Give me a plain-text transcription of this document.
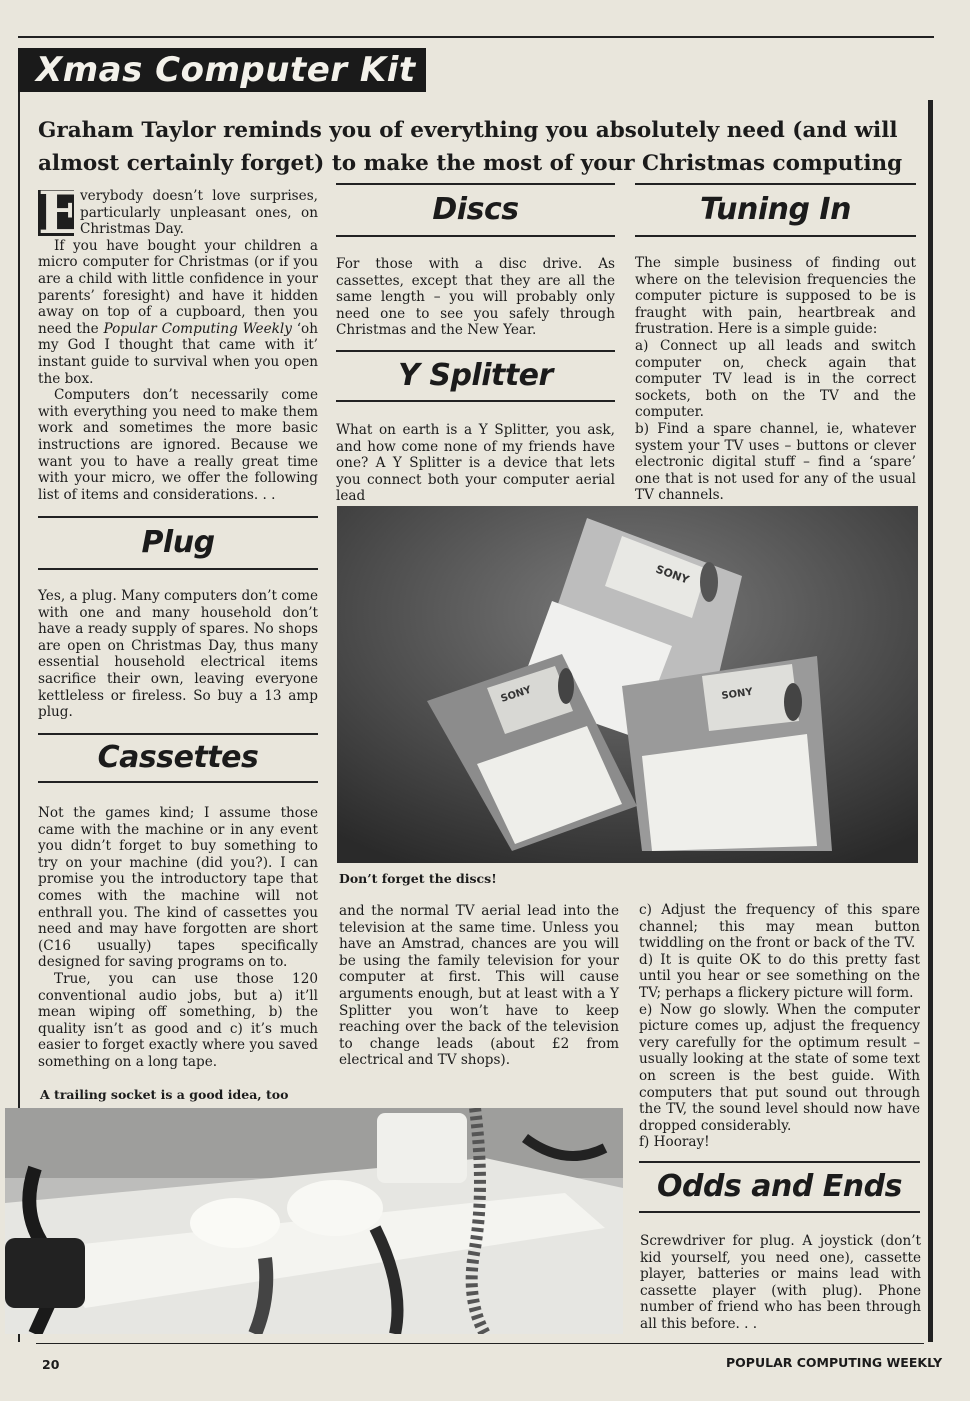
Xmas Computer Kit
Graham Taylor reminds you of everything you absolutely need (and will almost certainly forget) to make the most of your Christmas computing

E
verybody doesn’t love surprises, particularly unpleasant ones, on Christmas Day.

If you have bought your children a micro computer for Christmas (or if you are a child with little confidence in your parents’ foresight) and have it hidden away on top of a cupboard, then you need the Popular Computing Weekly ‘oh my God I thought that came with it’ instant guide to survival when you open the box.

Computers don’t necessarily come with everything you need to make them work and sometimes the more basic instructions are ignored. Because we want you to have a really great time with your micro, we offer the following list of items and considerations. . .

Plug
Yes, a plug. Many computers don’t come with one and many household don’t have a ready supply of spares. No shops are open on Christmas Day, thus many essential household electrical items sacrifice their own, leaving everyone kettleless or fireless. So buy a 13 amp plug.
Cassettes

Not the games kind; I assume those came with the machine or in any event you didn’t forget to buy something to try on your machine (did you?). I can promise you the introductory tape that comes with the machine will not enthrall you. The kind of cassettes you need and may have forgotten are short (C16 usually) tapes specifically designed for saving programs on to.

True, you can use those 120 conventional audio jobs, but a) it’ll mean wiping off something, b) the quality isn’t as good and c) it’s much easier to forget exactly where you saved something on a long tape.

A trailing socket is a good idea, too
Discs
For those with a disc drive. As cassettes, except that they are all the same length – you will probably only need one to see you safely through Christmas and the New Year.
Y Splitter
What on earth is a Y Splitter, you ask, and how come none of my friends have one? A Y Splitter is a device that lets you connect both your computer aerial lead
Tuning In

The simple business of finding out where on the television frequencies the computer picture is supposed to be is fraught with pain, heartbreak and frustration. Here is a simple guide:

a) Connect up all leads and switch computer on, check again that computer TV lead is in the correct sockets, both on the TV and the computer.

b) Find a spare channel, ie, whatever system your TV uses – buttons or clever electronic digital stuff – find a ‘spare’ one that is not used for any of the usual TV channels.

SONY
SONY	SONY
Don’t forget the discs!
and the normal TV aerial lead into the television at the same time. Unless you have an Amstrad, chances are you will be using the family television for your computer at first. This will cause arguments enough, but at least with a Y Splitter you won’t have to keep reaching over the back of the television to change leads (about £2 from electrical and TV shops).

c) Adjust the frequency of this spare channel; this may mean button twiddling on the front or back of the TV.

d) It is quite OK to do this pretty fast until you hear or see something on the TV; perhaps a flickery picture will form.

e) Now go slowly. When the computer picture comes up, adjust the frequency very carefully for the optimum result – usually looking at the state of some text on screen is the best guide. With computers that put sound out through the TV, the sound level should now have dropped considerably.

f) Hooray!

Odds and Ends
Screwdriver for plug. A joystick (don’t kid yourself, you need one), cassette player, batteries or mains lead with cassette player (with plug). Phone number of friend who has been through all this before. . .
20	POPULAR COMPUTING WEEKLY
